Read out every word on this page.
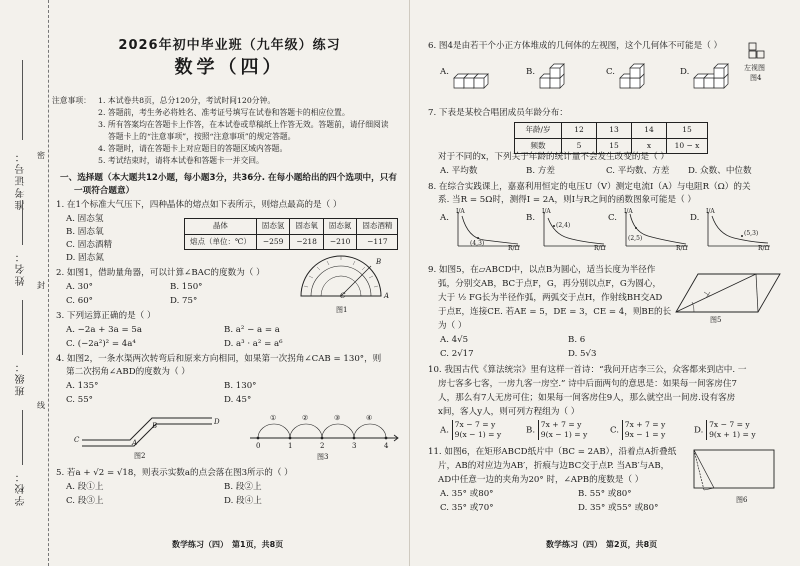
准考证号：
姓名：
班级：
学校：
密
封
线
2026年初中毕业班（九年级）练习
数学（四）
注意事项： 1. 本试卷共8页，总分120分，考试时间120分钟。
2. 答题前，考生务必将姓名、准考证号填写在试卷和答题卡的相应位置。
3. 所有答案均在答题卡上作答，在本试卷或草稿纸上作答无效。答题前，请仔细阅读
答题卡上的“注意事项”，按照“注意事项”的规定答题。
4. 答题时，请在答题卡上对应题目的答题区域内答题。
5. 考试结束时，请将本试卷和答题卡一并交回。
一、选择题（本大题共12小题，每小题3分，共36分. 在每小题给出的四个选项中，只有
一项符合题意）
1. 在1个标准大气压下，四种晶体的熔点如下表所示，则熔点最高的是（ ）
A. 固态氢
B. 固态氧
C. 固态酒精
D. 固态氮
晶体	固态氢	固态氧	固态氮	固态酒精
熔点（单位：℃）	−259	−218	−210	−117
2. 如图1，借助量角器，可以计算∠BAC的度数为（ ）
A. 30°	B. 150°
C. 60°	D. 75°
B
C	A
图1
3. 下列运算正确的是（ ）
A. −2a + 3a = 5a	B. a² − a = a
C. (−2a²)² = 4a⁴	D. a³ · a² = a⁶
4. 如图2，一条水渠两次转弯后和原来方向相同，如果第一次拐角∠CAB = 130°，则
第二次拐角∠ABD的度数为（ ）
A. 135°	B. 130°
C. 55°	D. 45°
C	A
B	D
图2
①	②	③	④
0	1	2	3	4
图3
5. 若a + √2 = √18，则表示实数a的点会落在图3所示的（ ）
A. 段①上	B. 段②上
C. 段③上	D. 段④上
数学练习（四）　第1页，共8页
6. 图4是由若干个小正方体堆成的几何体的左视图，这个几何体不可能是（ ）
左视图
图4
A.	B.	C.	D.
7. 下表是某校合唱团成员年龄分布：
年龄/岁	12	13	14	15
频数	5	15	x	10 − x
对于不同的x，下列关于年龄的统计量不会发生改变的是（ ）
A. 平均数	B. 方差	C. 平均数、方差 D. 众数、中位数
8. 在综合实践课上，嘉嘉利用恒定的电压U（V）测定电流I（A）与电阻R（Ω）的关
系. 当R = 5Ω时，测得I = 2A，则I与R之间的函数图象可能是（ ）
A.	B.	C.	D.
I/A
R/Ω
(4,3)
I/A
R/Ω
(2,4)
I/A
R/Ω
(2,5)
I/A
R/Ω
(5,3)
9. 如图5，在▱ABCD中，以点B为圆心，适当长度为半径作
弧，分别交AB，BC于点F，G，再分别以点F，G为圆心，
大于 ½ FG长为半径作弧，两弧交于点H，作射线BH交AD
于点E，连接CE. 若AE = 5，DE = 3，CE = 4，则BE的长
为（ ）
A. 4√5	B. 6
C. 2√17	D. 5√3
图5
10. 我国古代《算法统宗》里有这样一首诗：“我问开店李三公，众客都来到店中. 一
房七客多七客，一房九客一房空.” 诗中后面两句的意思是：如果每一间客房住7
人，那么有7人无房可住；如果每一间客房住9人，那么就空出一间房.设有客房
x间，客人y人，则可列方程组为（ ）
A. 7x − 7 = y
9(x − 1) = y	B. 7x + 7 = y
9(x − 1) = y	C. 7x + 7 = y
9x − 1 = y	D. 7x − 7 = y
9(x + 1) = y
11. 如图6，在矩形ABCD纸片中（BC = 2AB），沿着点A折叠纸
片，AB的对应边为AB′，折痕与边BC交于点P. 当AB′与AB，
AD中任意一边的夹角为20° 时，∠APB的度数是（ ）
A. 35° 或80°	B. 55° 或80°
C. 35° 或70°	D. 35° 或55° 或80°
图6
数学练习（四）　第2页，共8页
